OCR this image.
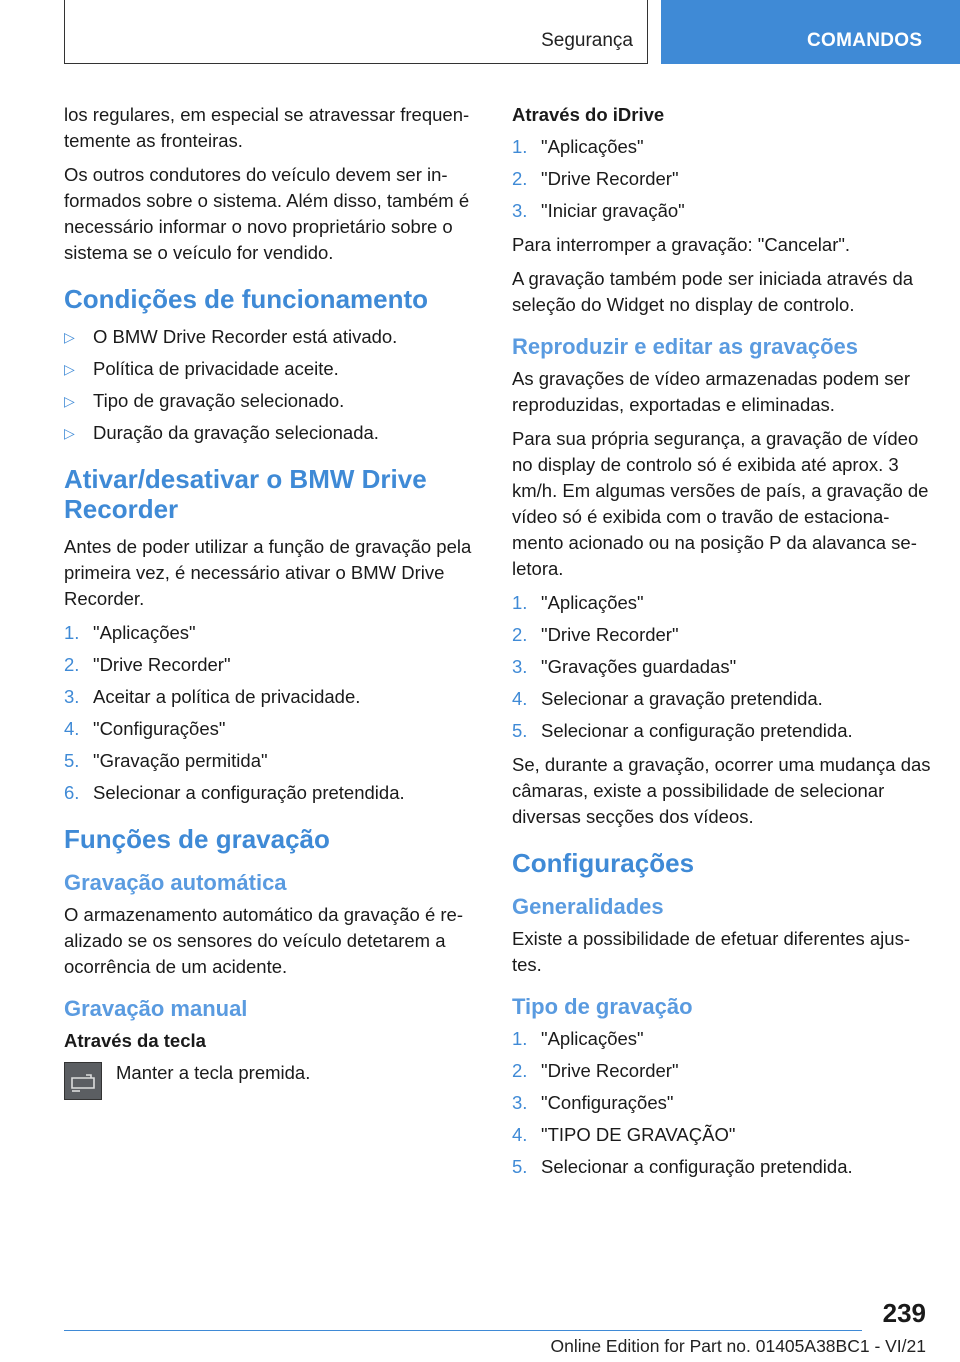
Segurança	COMANDOS

los regulares, em especial se atravessar frequen-temente as fronteiras.

Os outros condutores do veículo devem ser in-formados sobre o sistema. Além disso, também é necessário informar o novo proprietário sobre o sistema se o veículo for vendido.

Condições de funcionamento
▷ O BMW Drive Recorder está ativado.
▷ Política de privacidade aceite.
▷ Tipo de gravação selecionado.
▷ Duração da gravação selecionada.
Ativar/desativar o BMW Drive Recorder

Antes de poder utilizar a função de gravação pela primeira vez, é necessário ativar o BMW Drive Recorder.

1. "Aplicações"
2. "Drive Recorder"
3. Aceitar a política de privacidade.
4. "Configurações"
5. "Gravação permitida"
6. Selecionar a configuração pretendida.
Funções de gravação
Gravação automática

O armazenamento automático da gravação é re-alizado se os sensores do veículo detetarem a ocorrência de um acidente.

Gravação manual
Através da tecla
Manter a tecla premida.
Através do iDrive
1. "Aplicações"
2. "Drive Recorder"
3. "Iniciar gravação"

Para interromper a gravação: "Cancelar".

A gravação também pode ser iniciada através da seleção do Widget no display de controlo.

Reproduzir e editar as gravações

As gravações de vídeo armazenadas podem ser reproduzidas, exportadas e eliminadas.

Para sua própria segurança, a gravação de vídeo no display de controlo só é exibida até aprox. 3 km/h. Em algumas versões de país, a gravação de vídeo só é exibida com o travão de estaciona-mento acionado ou na posição P da alavanca se-letora.

1. "Aplicações"
2. "Drive Recorder"
3. "Gravações guardadas"
4. Selecionar a gravação pretendida.
5. Selecionar a configuração pretendida.

Se, durante a gravação, ocorrer uma mudança das câmaras, existe a possibilidade de selecionar diversas secções dos vídeos.

Configurações
Generalidades

Existe a possibilidade de efetuar diferentes ajus-tes.

Tipo de gravação
1. "Aplicações"
2. "Drive Recorder"
3. "Configurações"
4. "TIPO DE GRAVAÇÃO"
5. Selecionar a configuração pretendida.
239
Online Edition for Part no. 01405A38BC1 - VI/21
